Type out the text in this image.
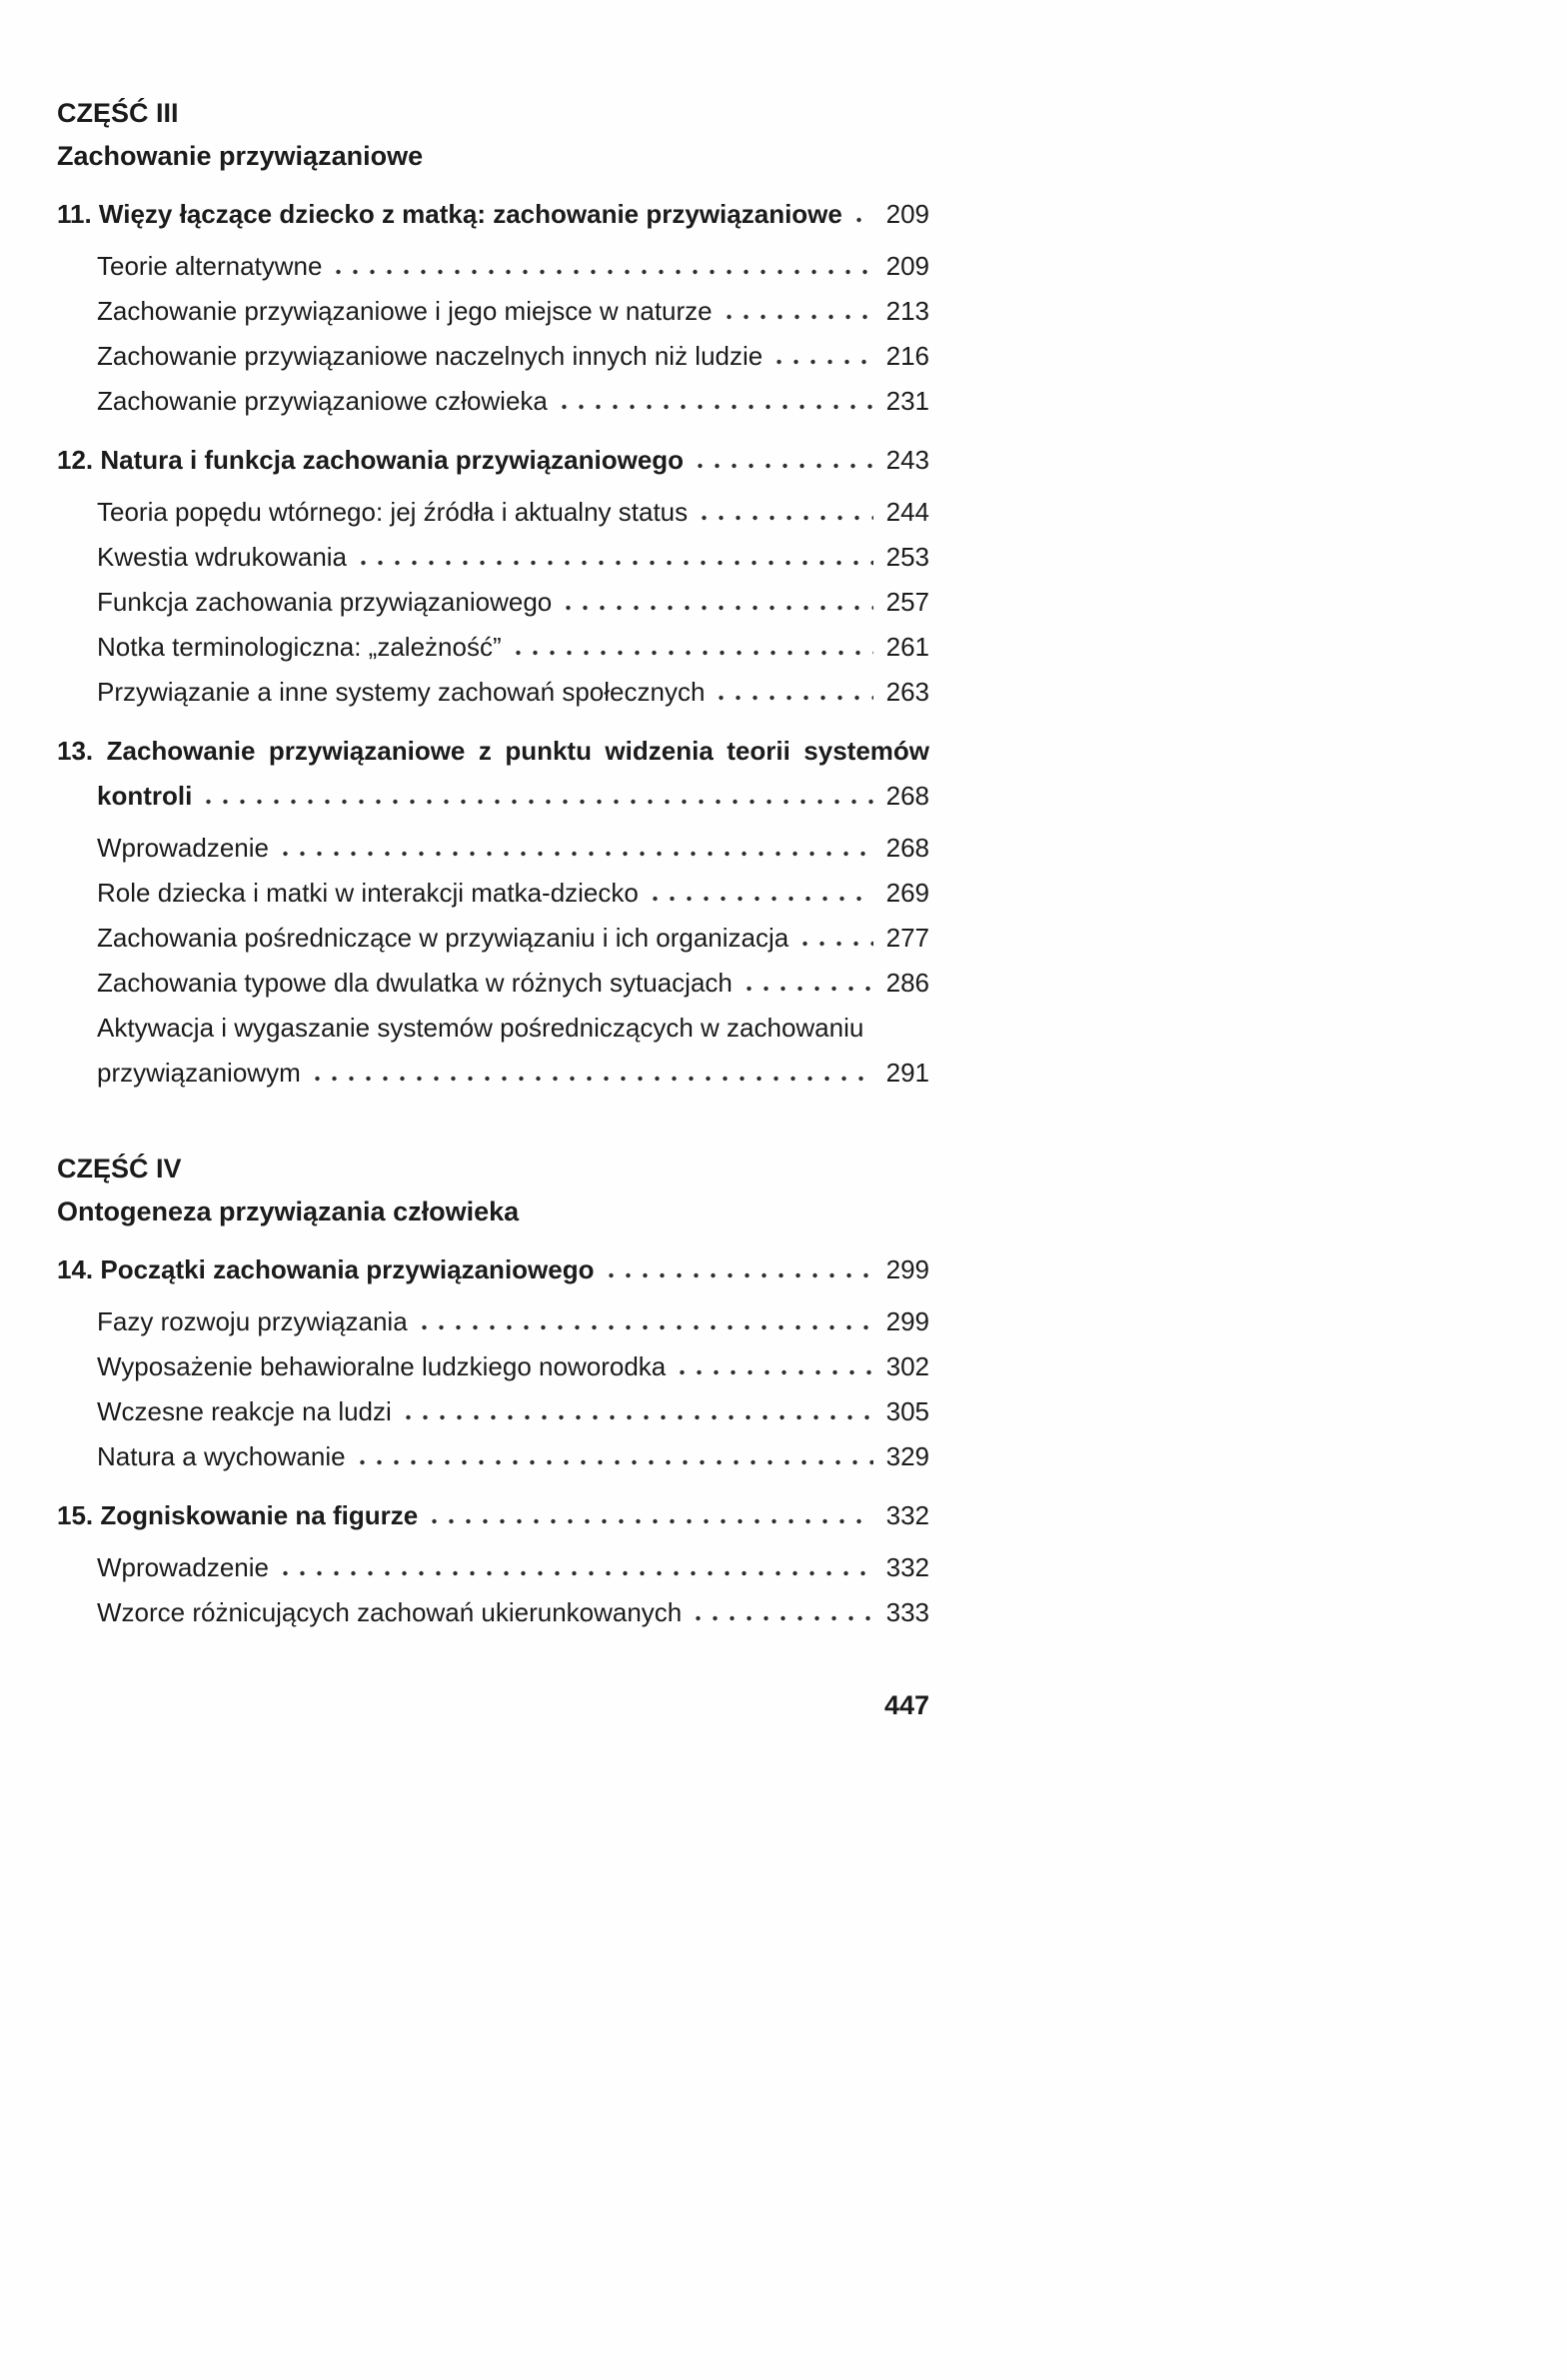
CZĘŚĆ III
Zachowanie przywiązaniowe
11. Więzy łączące dziecko z matką: zachowanie przywiązaniowe 209
Teorie alternatywne	209
Zachowanie przywiązaniowe i jego miejsce w naturze	213
Zachowanie przywiązaniowe naczelnych innych niż ludzie	216
Zachowanie przywiązaniowe człowieka	231
12. Natura i funkcja zachowania przywiązaniowego	243
Teoria popędu wtórnego: jej źródła i aktualny status	244
Kwestia wdrukowania	253
Funkcja zachowania przywiązaniowego	257
Notka terminologiczna: „zależność”	261
Przywiązanie a inne systemy zachowań społecznych	263
13. Zachowanie przywiązaniowe z punktu widzenia teorii systemów
kontroli	268
Wprowadzenie	268
Role dziecka i matki w interakcji matka-dziecko	269
Zachowania pośredniczące w przywiązaniu i ich organizacja	277
Zachowania typowe dla dwulatka w różnych sytuacjach	286
Aktywacja i wygaszanie systemów pośredniczących w zachowaniu
przywiązaniowym	291
CZĘŚĆ IV
Ontogeneza przywiązania człowieka
14. Początki zachowania przywiązaniowego	299
Fazy rozwoju przywiązania	299
Wyposażenie behawioralne ludzkiego noworodka	302
Wczesne reakcje na ludzi	305
Natura a wychowanie	329
15. Zogniskowanie na figurze	332
Wprowadzenie	332
Wzorce różnicujących zachowań ukierunkowanych	333
447
